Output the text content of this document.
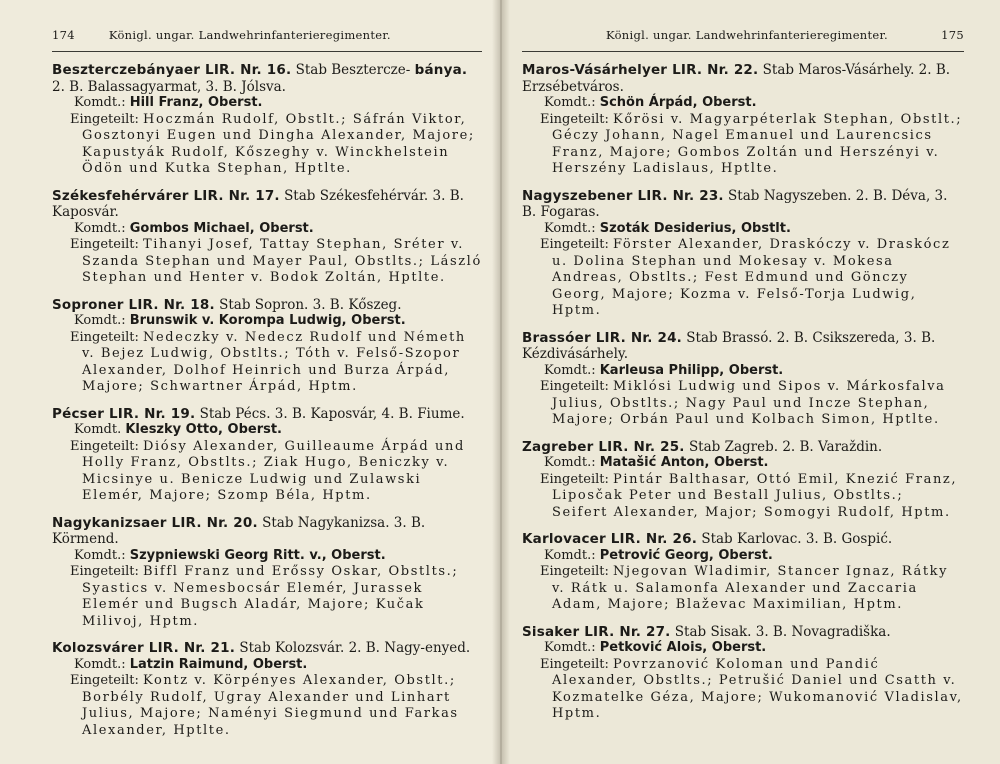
174	Königl. ungar. Landwehrinfanterieregimenter.

Beszterczebányaer LIR. Nr. 16. Stab Besztercze- bánya. 2. B. Balassagyarmat, 3. B. Jólsva.

Komdt.: Hill Franz, Oberst.

Eingeteilt: Hoczmán Rudolf, Obstlt.; Sáfrán Viktor, Gosztonyi Eugen und Dingha Alexander, Majore; Kapustyák Rudolf, Kőszeghy v. Winckhelstein Ödön und Kutka Stephan, Hptlte.

Székesfehérvárer LIR. Nr. 17. Stab Székesfehérvár. 3. B. Kaposvár.

Komdt.: Gombos Michael, Oberst.

Eingeteilt: Tihanyi Josef, Tattay Stephan, Sréter v. Szanda Stephan und Mayer Paul, Obstlts.; László Stephan und Henter v. Bodok Zoltán, Hptlte.

Soproner LIR. Nr. 18. Stab Sopron. 3. B. Kőszeg.

Komdt.: Brunswik v. Korompa Ludwig, Oberst.

Eingeteilt: Nedeczky v. Nedecz Rudolf und Németh v. Bejez Ludwig, Obstlts.; Tóth v. Felső-Szopor Alexander, Dolhof Heinrich und Burza Árpád, Majore; Schwartner Árpád, Hptm.

Pécser LIR. Nr. 19. Stab Pécs. 3. B. Kaposvár, 4. B. Fiume.

Komdt. Kleszky Otto, Oberst.

Eingeteilt: Diósy Alexander, Guilleaume Árpád und Holly Franz, Obstlts.; Ziak Hugo, Beniczky v. Micsinye u. Benicze Ludwig und Zulawski Elemér, Majore; Szomp Béla, Hptm.

Nagykanizsaer LIR. Nr. 20. Stab Nagykanizsa. 3. B. Körmend.

Komdt.: Szypniewski Georg Ritt. v., Oberst.

Eingeteilt: Biffl Franz und Erőssy Oskar, Obstlts.; Syastics v. Nemesbocsár Elemér, Jurassek Elemér und Bugsch Aladár, Majore; Kučak Milivoj, Hptm.

Kolozsvárer LIR. Nr. 21. Stab Kolozsvár. 2. B. Nagy-enyed.

Komdt.: Latzin Raimund, Oberst.

Eingeteilt: Kontz v. Körpényes Alexander, Obstlt.; Borbély Rudolf, Ugray Alexander und Linhart Julius, Majore; Naményi Siegmund und Farkas Alexander, Hptlte.

Königl. ungar. Landwehrinfanterieregimenter.	175

Maros-Vásárhelyer LIR. Nr. 22. Stab Maros-Vásárhely. 2. B. Erzsébetváros.

Komdt.: Schön Árpád, Oberst.

Eingeteilt: Kőrösi v. Magyarpéterlak Stephan, Obstlt.; Géczy Johann, Nagel Emanuel und Laurencsics Franz, Majore; Gombos Zoltán und Herszényi v. Herszény Ladislaus, Hptlte.

Nagyszebener LIR. Nr. 23. Stab Nagyszeben. 2. B. Déva, 3. B. Fogaras.

Komdt.: Szoták Desiderius, Obstlt.

Eingeteilt: Förster Alexander, Draskóczy v. Draskócz u. Dolina Stephan und Mokesay v. Mokesa Andreas, Obstlts.; Fest Edmund und Gönczy Georg, Majore; Kozma v. Felső-Torja Ludwig, Hptm.

Brassóer LIR. Nr. 24. Stab Brassó. 2. B. Csikszereda, 3. B. Kézdivásárhely.

Komdt.: Karleusa Philipp, Oberst.

Eingeteilt: Miklósi Ludwig und Sipos v. Márkosfalva Julius, Obstlts.; Nagy Paul und Incze Stephan, Majore; Orbán Paul und Kolbach Simon, Hptlte.

Zagreber LIR. Nr. 25. Stab Zagreb. 2. B. Varaždin.

Komdt.: Matašić Anton, Oberst.

Eingeteilt: Pintár Balthasar, Ottó Emil, Knezić Franz, Liposčak Peter und Bestall Julius, Obstlts.; Seifert Alexander, Major; Somogyi Rudolf, Hptm.

Karlovacer LIR. Nr. 26. Stab Karlovac. 3. B. Gospić.

Komdt.: Petrović Georg, Oberst.

Eingeteilt: Njegovan Wladimir, Stancer Ignaz, Rátky v. Rátk u. Salamonfa Alexander und Zaccaria Adam, Majore; Blaževac Maximilian, Hptm.

Sisaker LIR. Nr. 27. Stab Sisak. 3. B. Novagradiška.

Komdt.: Petković Alois, Oberst.

Eingeteilt: Povrzanović Koloman und Pandić Alexander, Obstlts.; Petrušić Daniel und Csatth v. Kozmatelke Géza, Majore; Wukomanović Vladislav, Hptm.
